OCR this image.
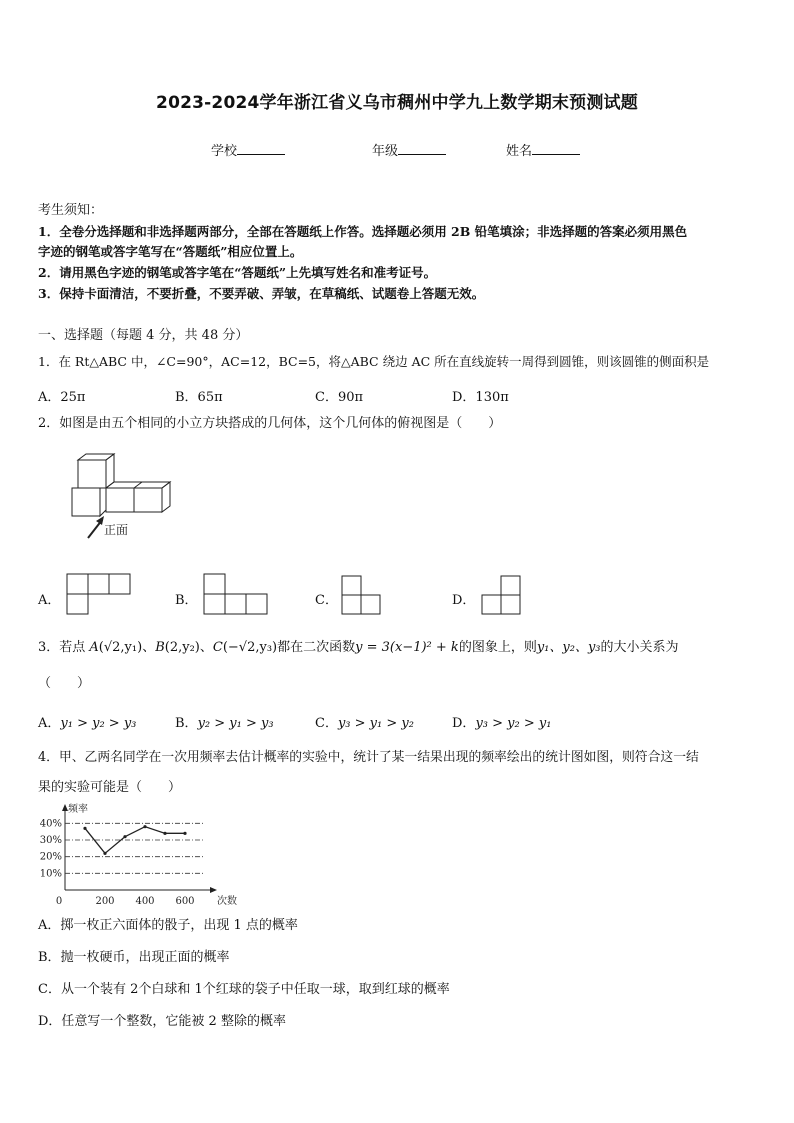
2023-2024学年浙江省义乌市稠州中学九上数学期末预测试题
学校	年级	姓名
考生须知：
1．全卷分选择题和非选择题两部分，全部在答题纸上作答。选择题必须用 2B 铅笔填涂；非选择题的答案必须用黑色
字迹的钢笔或答字笔写在“答题纸”相应位置上。
2．请用黑色字迹的钢笔或答字笔在“答题纸”上先填写姓名和准考证号。
3．保持卡面清洁，不要折叠，不要弄破、弄皱，在草稿纸、试题卷上答题无效。
一、选择题（每题 4 分，共 48 分）
1．在 Rt△ABC 中，∠C=90°，AC=12，BC=5，将△ABC 绕边 AC 所在直线旋转一周得到圆锥，则该圆锥的侧面积是
A．25π	B．65π	C．90π	D．130π
2．如图是由五个相同的小立方块搭成的几何体，这个几何体的俯视图是（　　）
正面
A．	B．	C．	D．
3．若点 A(√2,y₁)、B(2,y₂)、C(−√2,y₃)都在二次函数y = 3(x−1)² + k的图象上，则y₁、y₂、y₃的大小关系为
（　　）
A．y₁ > y₂ > y₃	B．y₂ > y₁ > y₃	C．y₃ > y₁ > y₂	D．y₃ > y₂ > y₁
4．甲、乙两名同学在一次用频率去估计概率的实验中，统计了某一结果出现的频率绘出的统计图如图，则符合这一结
果的实验可能是（　　）
10%
20%
30%
40%
0	200 400 600
频率
次数
A．掷一枚正六面体的骰子，出现 1 点的概率
B．抛一枚硬币，出现正面的概率
C．从一个装有 2个白球和 1个红球的袋子中任取一球，取到红球的概率
D．任意写一个整数，它能被 2 整除的概率
